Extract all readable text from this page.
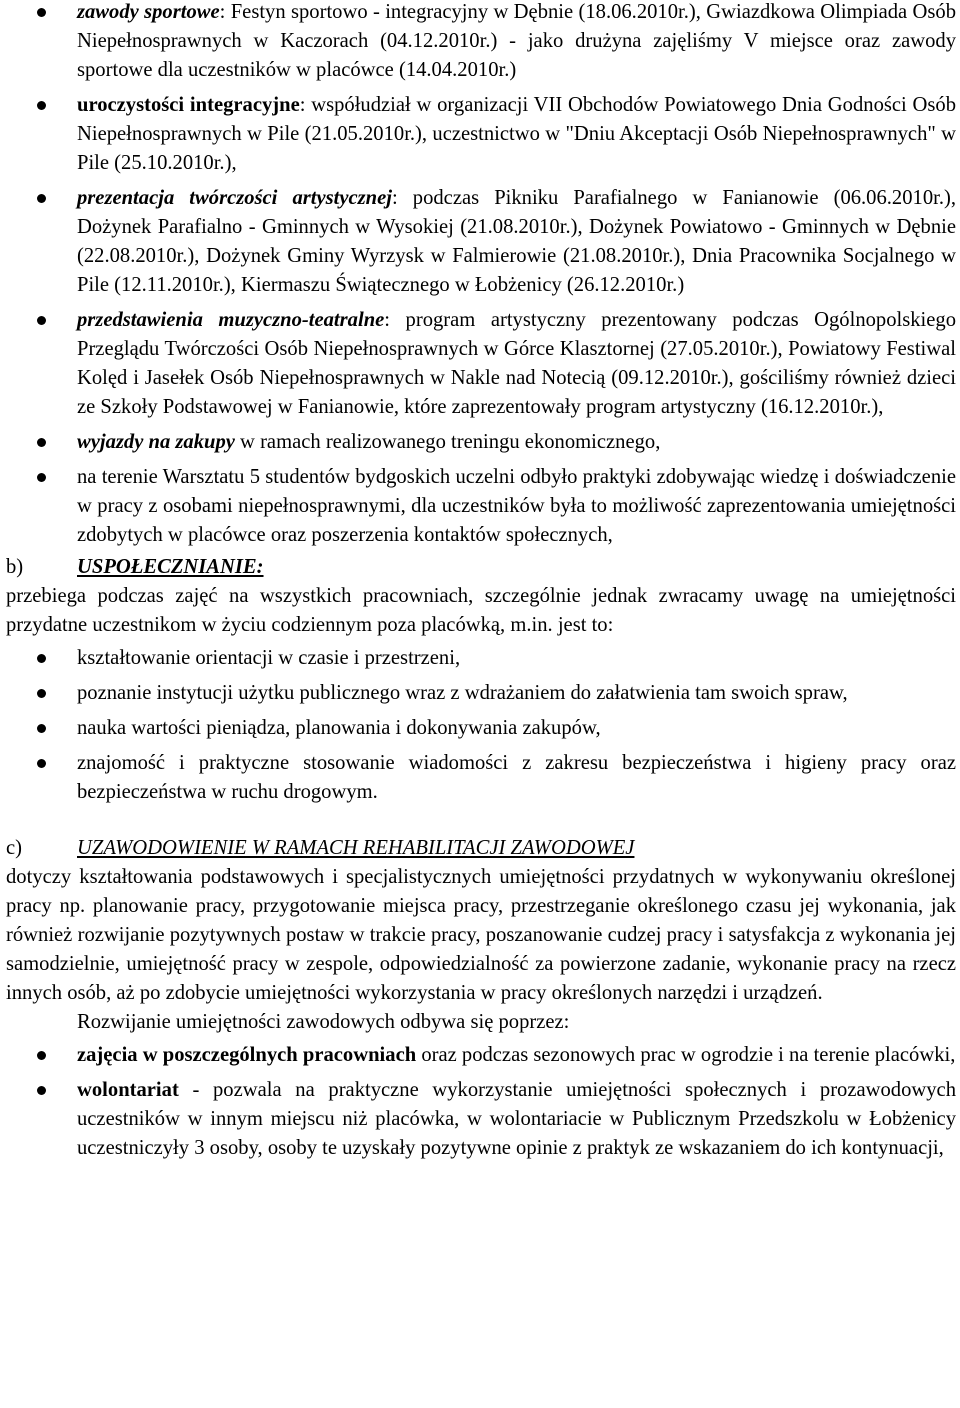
zawody sportowe: Festyn sportowo - integracyjny w Dębnie (18.06.2010r.), Gwiazdkowa Olimpiada Osób Niepełnosprawnych w Kaczorach (04.12.2010r.) - jako drużyna zajęliśmy V miejsce oraz zawody sportowe dla uczestników w placówce (14.04.2010r.)
uroczystości integracyjne: współudział w organizacji VII Obchodów Powiatowego Dnia Godności Osób Niepełnosprawnych w Pile (21.05.2010r.), uczestnictwo w "Dniu Akceptacji Osób Niepełnosprawnych" w Pile (25.10.2010r.),
prezentacja twórczości artystycznej: podczas Pikniku Parafialnego w Fanianowie (06.06.2010r.), Dożynek Parafialno - Gminnych w Wysokiej (21.08.2010r.), Dożynek Powiatowo - Gminnych w Dębnie (22.08.2010r.), Dożynek Gminy Wyrzysk w Falmierowie (21.08.2010r.), Dnia Pracownika Socjalnego w Pile (12.11.2010r.), Kiermaszu Świątecznego w Łobżenicy (26.12.2010r.)
przedstawienia muzyczno-teatralne: program artystyczny prezentowany podczas Ogólnopolskiego Przeglądu Twórczości Osób Niepełnosprawnych w Górce Klasztornej (27.05.2010r.), Powiatowy Festiwal Kolęd i Jasełek Osób Niepełnosprawnych w Nakle nad Notecią (09.12.2010r.), gościliśmy również dzieci ze Szkoły Podstawowej w Fanianowie, które zaprezentowały program artystyczny (16.12.2010r.),
wyjazdy na zakupy w ramach realizowanego treningu ekonomicznego,
na terenie Warsztatu 5 studentów bydgoskich uczelni odbyło praktyki zdobywając wiedzę i doświadczenie w pracy z osobami niepełnosprawnymi, dla uczestników była to możliwość zaprezentowania umiejętności zdobytych w placówce oraz poszerzenia kontaktów społecznych,
b)	USPOŁECZNIANIE:

przebiega podczas zajęć na wszystkich pracowniach, szczególnie jednak zwracamy uwagę na umiejętności przydatne uczestnikom w życiu codziennym poza placówką, m.in. jest to:

kształtowanie orientacji w czasie i przestrzeni,
poznanie instytucji użytku publicznego wraz z wdrażaniem do załatwienia tam swoich spraw,
nauka wartości pieniądza, planowania i dokonywania zakupów,
znajomość i praktyczne stosowanie wiadomości z zakresu bezpieczeństwa i higieny pracy oraz bezpieczeństwa w ruchu drogowym.
c)	UZAWODOWIENIE W RAMACH REHABILITACJI ZAWODOWEJ

dotyczy kształtowania podstawowych i specjalistycznych umiejętności przydatnych w wykonywaniu określonej pracy np. planowanie pracy, przygotowanie miejsca pracy, przestrzeganie określonego czasu jej wykonania, jak również rozwijanie pozytywnych postaw w trakcie pracy, poszanowanie cudzej pracy i satysfakcja z wykonania jej samodzielnie, umiejętność pracy w zespole, odpowiedzialność za powierzone zadanie, wykonanie pracy na rzecz innych osób, aż po zdobycie umiejętności wykorzystania w pracy określonych narzędzi i urządzeń.

Rozwijanie umiejętności zawodowych odbywa się poprzez:

zajęcia w poszczególnych pracowniach oraz podczas sezonowych prac w ogrodzie i na terenie placówki,
wolontariat - pozwala na praktyczne wykorzystanie umiejętności społecznych i prozawodowych uczestników w innym miejscu niż placówka, w wolontariacie w Publicznym Przedszkolu w Łobżenicy uczestniczyły 3 osoby, osoby te uzyskały pozytywne opinie z praktyk ze wskazaniem do ich kontynuacji,
